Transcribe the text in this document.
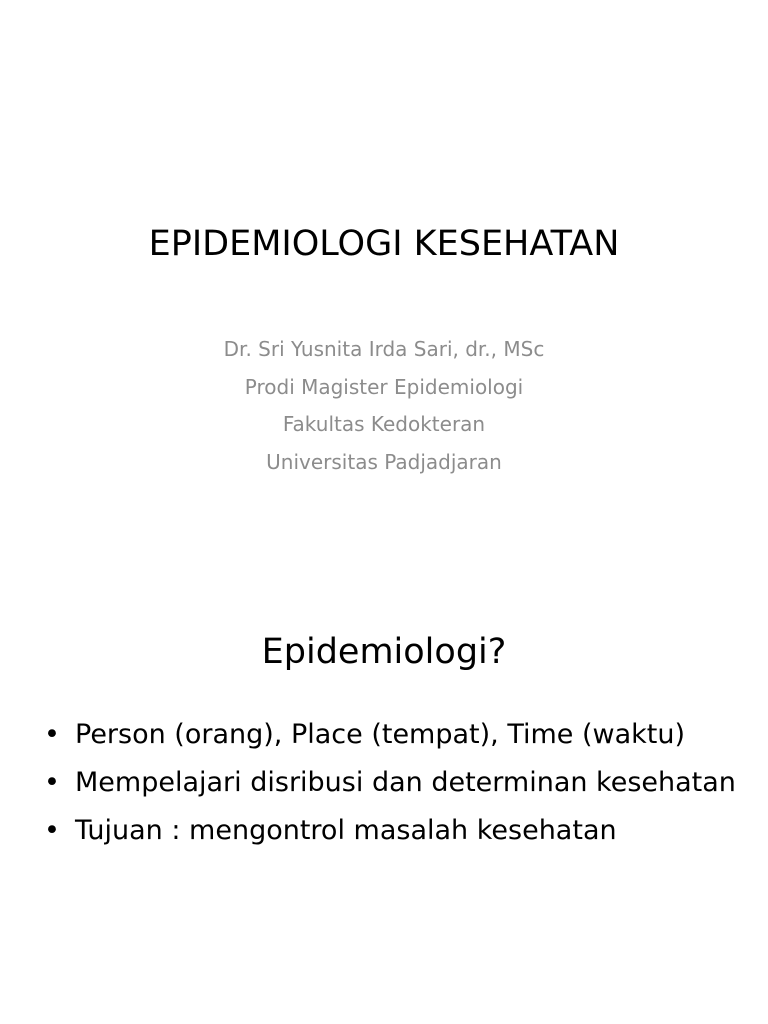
EPIDEMIOLOGI KESEHATAN
Dr. Sri Yusnita Irda Sari, dr., MSc
Prodi Magister Epidemiologi
Fakultas Kedokteran
Universitas Padjadjaran
Epidemiologi?
• Person (orang), Place (tempat), Time (waktu)
• Mempelajari disribusi dan determinan kesehatan
• Tujuan : mengontrol masalah kesehatan
